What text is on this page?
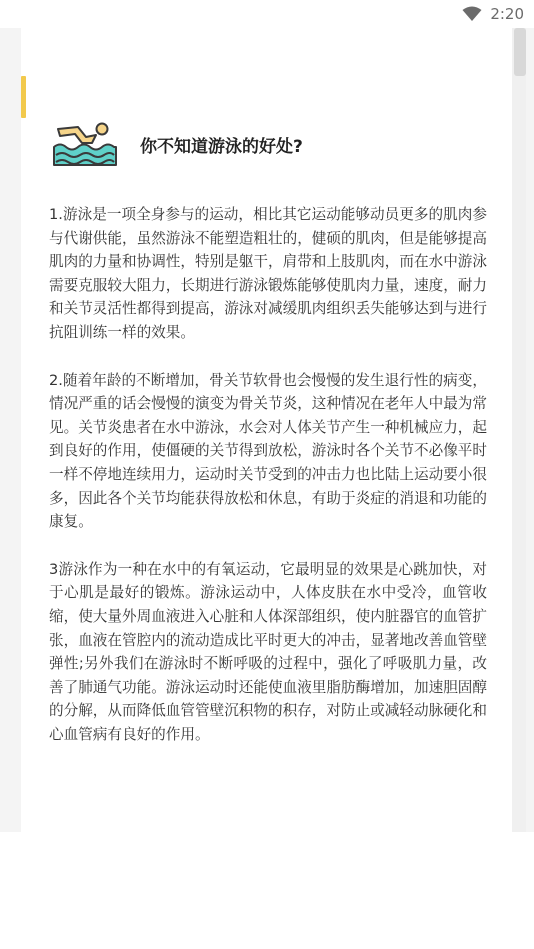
2:20
你不知道游泳的好处?

1.游泳是一项全身参与的运动，相比其它运动能够动员更多的肌肉参与代谢供能，虽然游泳不能塑造粗壮的，健硕的肌肉，但是能够提高肌肉的力量和协调性，特别是躯干，肩带和上肢肌肉，而在水中游泳需要克服较大阻力，长期进行游泳锻炼能够使肌肉力量，速度，耐力和关节灵活性都得到提高，游泳对减缓肌肉组织丢失能够达到与进行抗阻训练一样的效果。

2.随着年龄的不断增加，骨关节软骨也会慢慢的发生退行性的病变，情况严重的话会慢慢的演变为骨关节炎，这种情况在老年人中最为常见。关节炎患者在水中游泳，水会对人体关节产生一种机械应力，起到良好的作用，使僵硬的关节得到放松，游泳时各个关节不必像平时一样不停地连续用力，运动时关节受到的冲击力也比陆上运动要小很多，因此各个关节均能获得放松和休息，有助于炎症的消退和功能的康复。

3游泳作为一种在水中的有氧运动，它最明显的效果是心跳加快，对于心肌是最好的锻炼。游泳运动中，人体皮肤在水中受冷，血管收缩，使大量外周血液进入心脏和人体深部组织，使内脏器官的血管扩张，血液在管腔内的流动造成比平时更大的冲击，显著地改善血管壁弹性;另外我们在游泳时不断呼吸的过程中，强化了呼吸肌力量，改善了肺通气功能。游泳运动时还能使血液里脂肪酶增加，加速胆固醇的分解，从而降低血管管壁沉积物的积存，对防止或减轻动脉硬化和心血管病有良好的作用。
